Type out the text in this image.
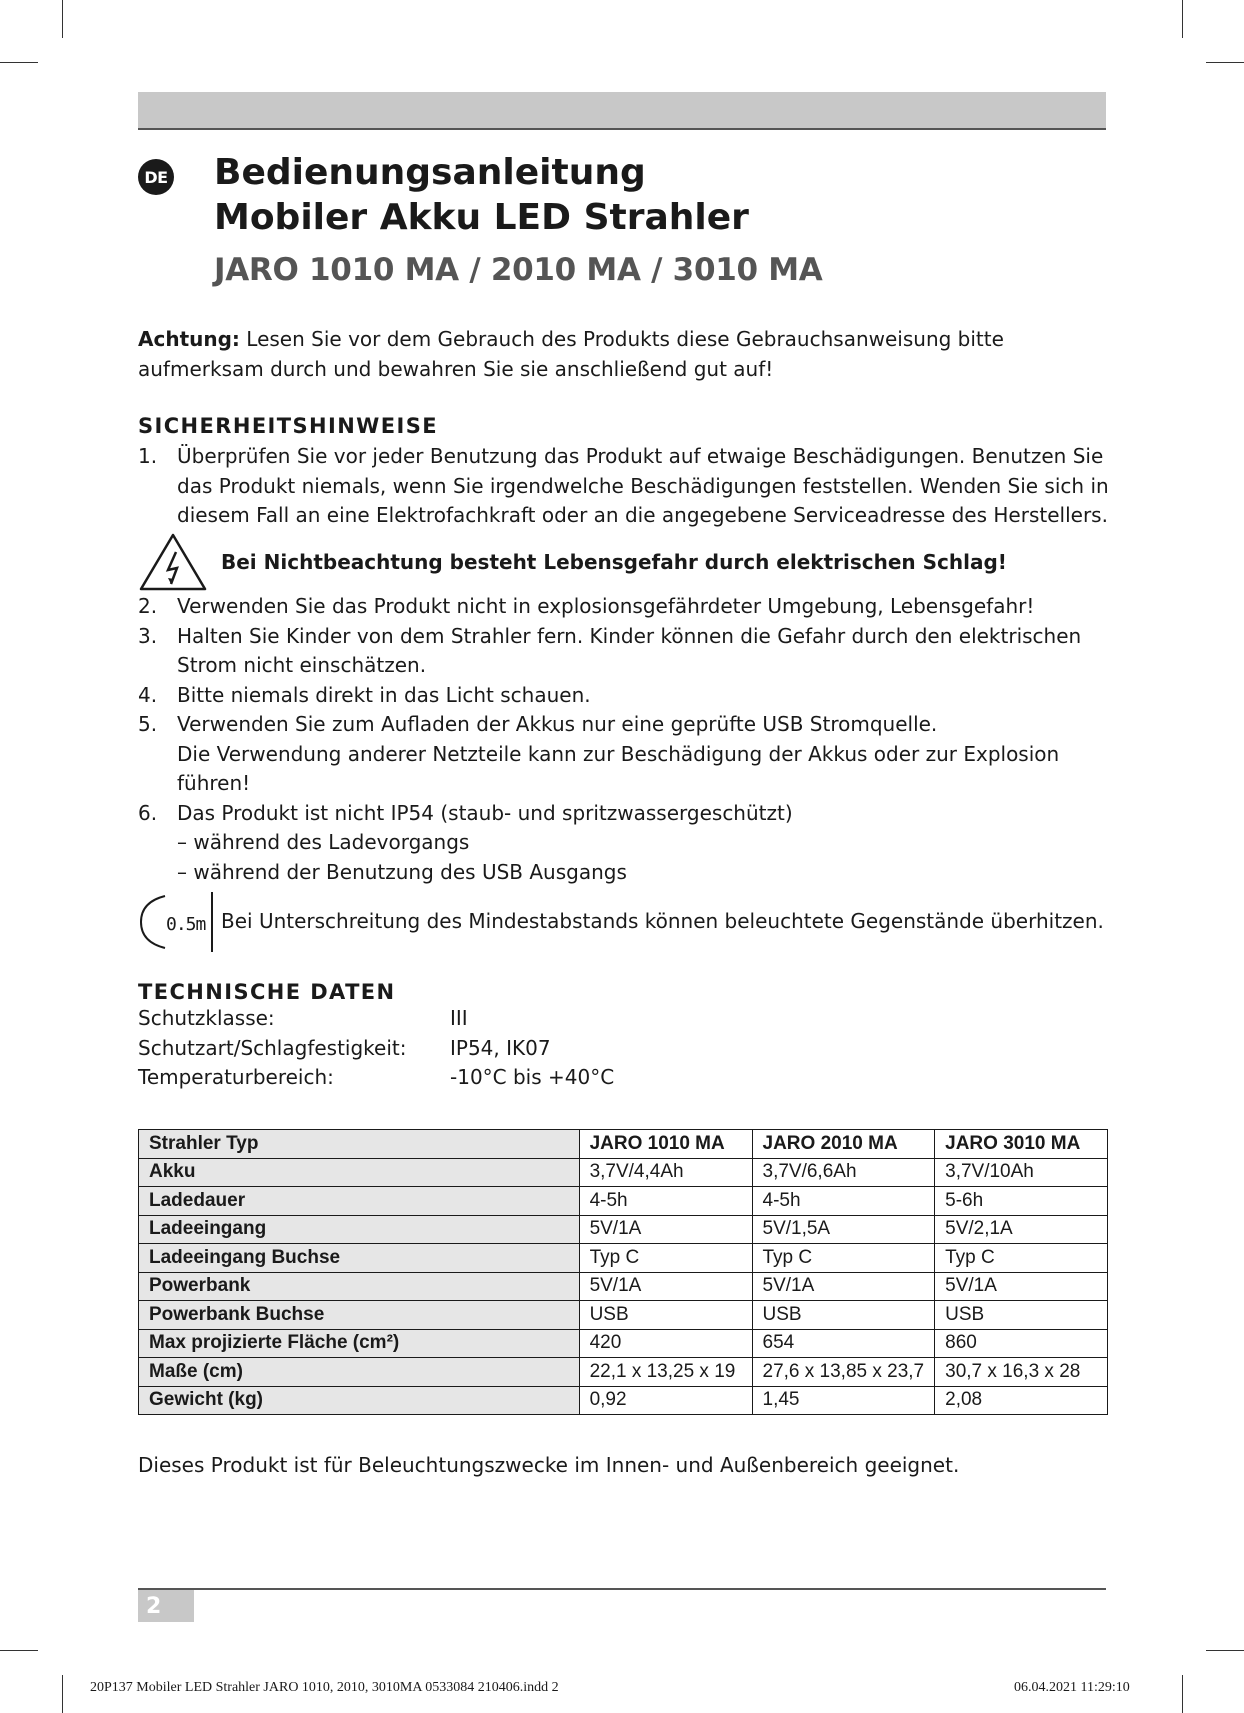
DE Bedienungsanleitung
Mobiler Akku LED Strahler
JARO 1010 MA / 2010 MA / 3010 MA
Achtung: Lesen Sie vor dem Gebrauch des Produkts diese Gebrauchsanweisung bitte aufmerksam durch und bewahren Sie sie anschließend gut auf!
SICHERHEITSHINWEISE
1. Überprüfen Sie vor jeder Benutzung das Produkt auf etwaige Beschädigungen. Benutzen Sie das Produkt niemals, wenn Sie irgendwelche Beschädigungen feststellen. Wenden Sie sich in diesem Fall an eine Elektrofachkraft oder an die angegebene Serviceadresse des Herstellers.
Bei Nichtbeachtung besteht Lebensgefahr durch elektrischen Schlag!
2. Verwenden Sie das Produkt nicht in explosionsgefährdeter Umgebung, Lebensgefahr!
3. Halten Sie Kinder von dem Strahler fern. Kinder können die Gefahr durch den elektrischen Strom nicht einschätzen.
4. Bitte niemals direkt in das Licht schauen.
5. Verwenden Sie zum Aufladen der Akkus nur eine geprüfte USB Stromquelle.
Die Verwendung anderer Netzteile kann zur Beschädigung der Akkus oder zur Explosion führen!
6. Das Produkt ist nicht IP54 (staub- und spritzwassergeschützt)
– während des Ladevorgangs
– während der Benutzung des USB Ausgangs
0.5m Bei Unterschreitung des Mindestabstands können beleuchtete Gegenstände überhitzen.
TECHNISCHE DATEN
Schutzklasse:	III
Schutzart/Schlagfestigkeit: IP54, IK07
Temperaturbereich:	-10°C bis +40°C
Strahler Typ	JARO 1010 MA	JARO 2010 MA	JARO 3010 MA
Akku	3,7V/4,4Ah	3,7V/6,6Ah	3,7V/10Ah
Ladedauer	4-5h	4-5h	5-6h
Ladeeingang	5V/1A	5V/1,5A	5V/2,1A
Ladeeingang Buchse	Typ C	Typ C	Typ C
Powerbank	5V/1A	5V/1A	5V/1A
Powerbank Buchse	USB	USB	USB
Max projizierte Fläche (cm²)	420	654	860
Maße (cm)	22,1 x 13,25 x 19	27,6 x 13,85 x 23,7	30,7 x 16,3 x 28
Gewicht (kg)	0,92	1,45	2,08
Dieses Produkt ist für Beleuchtungszwecke im Innen- und Außenbereich geeignet.
2
20P137 Mobiler LED Strahler JARO 1010, 2010, 3010MA 0533084 210406.indd 2	06.04.2021 11:29:10
